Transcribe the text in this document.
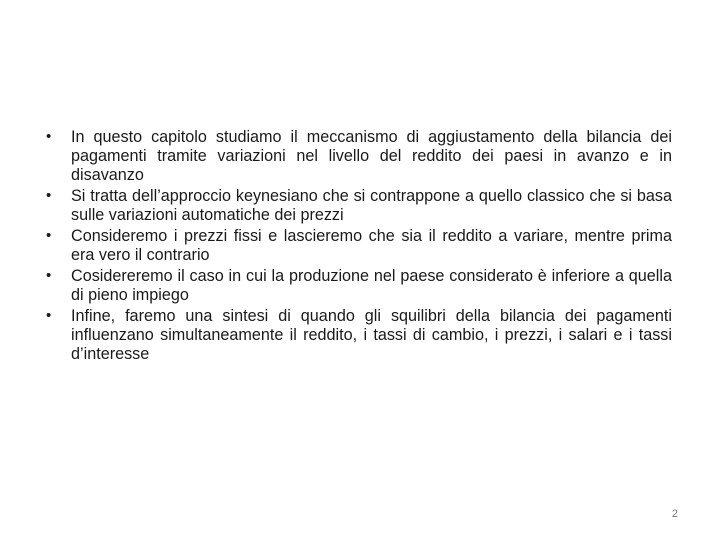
•	In questo capitolo studiamo il meccanismo di aggiustamento della bilancia dei pagamenti tramite variazioni nel livello del reddito dei paesi in avanzo e in disavanzo
•	Si tratta dell’approccio keynesiano che si contrappone a quello classico che si basa sulle variazioni automatiche dei prezzi
•	Consideremo i prezzi fissi e lascieremo che sia il reddito a variare, mentre prima era vero il contrario
•	Cosidereremo il caso in cui la produzione nel paese considerato è inferiore a quella di pieno impiego
•	Infine, faremo una sintesi di quando gli squilibri della bilancia dei pagamenti influenzano simultaneamente il reddito, i tassi di cambio, i prezzi, i salari e i tassi d’interesse
2
